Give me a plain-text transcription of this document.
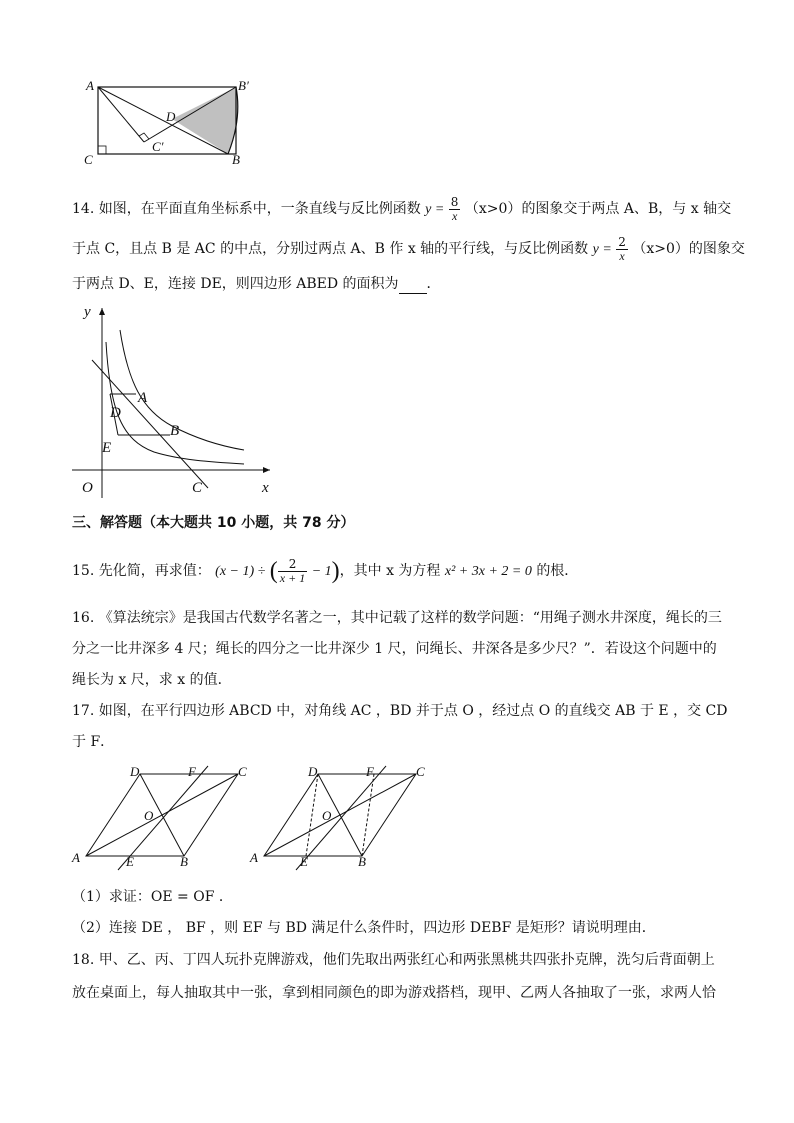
A	B′
D
C′
C	B
14. 如图，在平面直角坐标系中，一条直线与反比例函数 $y = \frac{8}{x} (x>0)$的图象交于两点 A、B，与 x 轴交
于点 C，且点 B 是 AC 的中点，分别过两点 A、B 作 x 轴的平行线，与反比例函数 $y = \frac{2}{x} (x>0)$的图象交
于两点 D、E，连接 DE，则四边形 ABED 的面积为 ．
y
x
O
A
D
B
E
C
三、解答题（本大题共 10 小题，共 78 分）
15. 先化简，再求值： (x − 1) ÷ ( $\frac{2}{x + 1} - 1$)，其中 x 为方程 x² + 3x + 2 = 0 的根．
16. 《算法统宗》是我国古代数学名著之一，其中记载了这样的数学问题：“用绳子测水井深度，绳长的三
分之一比井深多 4 尺；绳长的四分之一比井深少 1 尺，问绳长、井深各是多少尺？”．若设这个问题中的
绳长为 x 尺，求 x 的值．
17. 如图，在平行四边形 ABCD 中，对角线 AC ，BD 并于点 O ，经过点 O 的直线交 AB 于 E ，交 CD
于 F．
D	F	C
O
A	E	B
D	F	C
O
A	E	B
（1）求证：OE = OF ．
（2）连接 DE ， BF ，则 EF 与 BD 满足什么条件时，四边形 DEBF 是矩形？请说明理由．
18. 甲、乙、丙、丁四人玩扑克牌游戏，他们先取出两张红心和两张黑桃共四张扑克牌，洗匀后背面朝上
放在桌面上，每人抽取其中一张，拿到相同颜色的即为游戏搭档，现甲、乙两人各抽取了一张，求两人恰
